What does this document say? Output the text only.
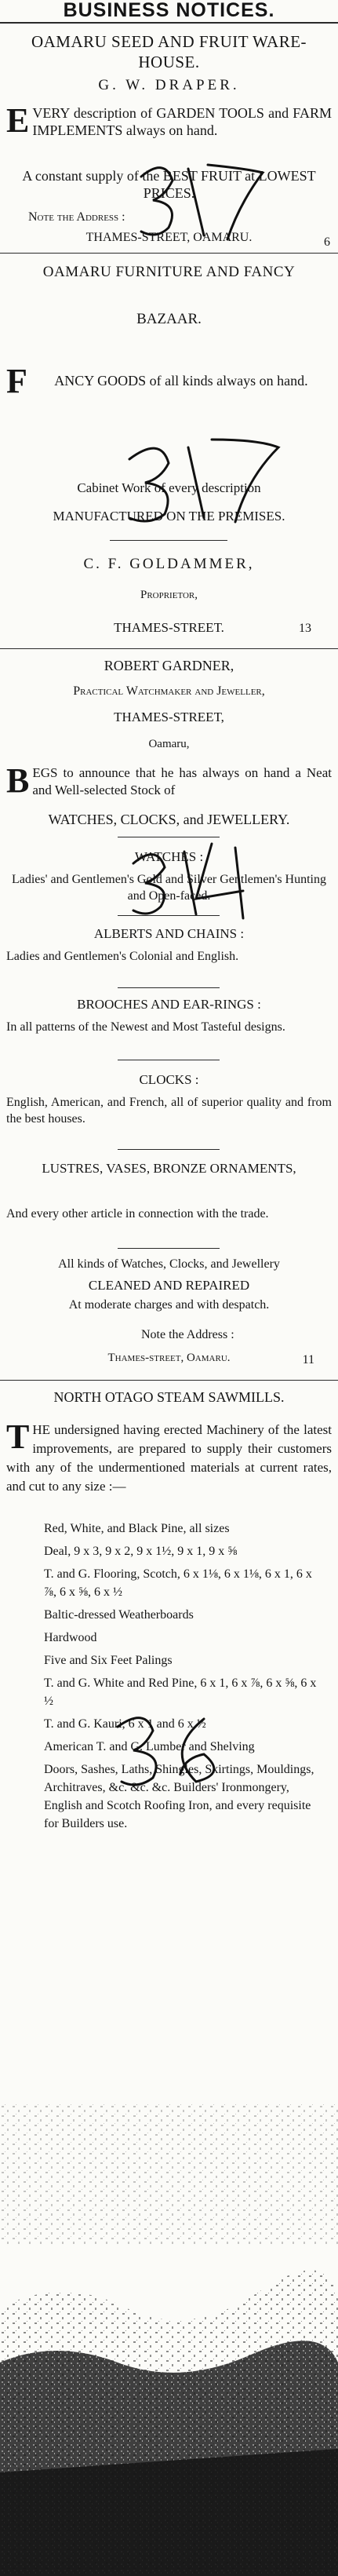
BUSINESS NOTICES.
OAMARU SEED AND FRUIT WARE-
HOUSE.
G. W. DRAPER.
EVERY description of GARDEN TOOLS and FARM IMPLEMENTS always on hand.
A constant supply of the BEST FRUIT at LOWEST PRICES.
Note the Address :
THAMES-STREET, OAMARU.	6
OAMARU FURNITURE AND FANCY
BAZAAR.
F ANCY GOODS of all kinds always on hand.
Cabinet Work of every description
MANUFACTURED ON THE PREMISES.
C. F. GOLDAMMER,
Proprietor,
THAMES-STREET.	13
ROBERT GARDNER,
Practical Watchmaker and Jeweller,
THAMES-STREET,
Oamaru,
BEGS to announce that he has always on hand a Neat and Well-selected Stock of
WATCHES, CLOCKS, and JEWELLERY.
WATCHES :
Ladies' and Gentlemen's Gold and Silver Gentlemen's Hunting and Open-faced.
ALBERTS AND CHAINS :
Ladies and Gentlemen's Colonial and English.
BROOCHES AND EAR-RINGS :
In all patterns of the Newest and Most Tasteful designs.
CLOCKS :
English, American, and French, all of superior quality and from the best houses.
LUSTRES, VASES, BRONZE ORNAMENTS,
And every other article in connection with the trade.
All kinds of Watches, Clocks, and Jewellery
CLEANED AND REPAIRED
At moderate charges and with despatch.
Note the Address :
Thames-street, Oamaru.	11
NORTH OTAGO STEAM SAWMILLS.
THE undersigned having erected Machinery of the latest improvements, are prepared to supply their customers with any of the undermentioned materials at current rates, and cut to any size :—
Red, White, and Black Pine, all sizes
Deal, 9 x 3, 9 x 2, 9 x 1½, 9 x 1, 9 x ⅝
T. and G. Flooring, Scotch, 6 x 1⅛, 6 x 1⅛, 6 x 1, 6 x ⅞, 6 x ⅝, 6 x ½
Baltic-dressed Weatherboards
Hardwood
Five and Six Feet Palings
T. and G. White and Red Pine, 6 x 1, 6 x ⅞, 6 x ⅝, 6 x ½
T. and G. Kauri, 6 x 1 and 6 x ½
American T. and G. Lumber and Shelving
Doors, Sashes, Laths, Shingles, Skirtings, Mouldings, Architraves, &c. &c. &c. Builders' Ironmongery, English and Scotch Roofing Iron, and every requisite for Builders use.
